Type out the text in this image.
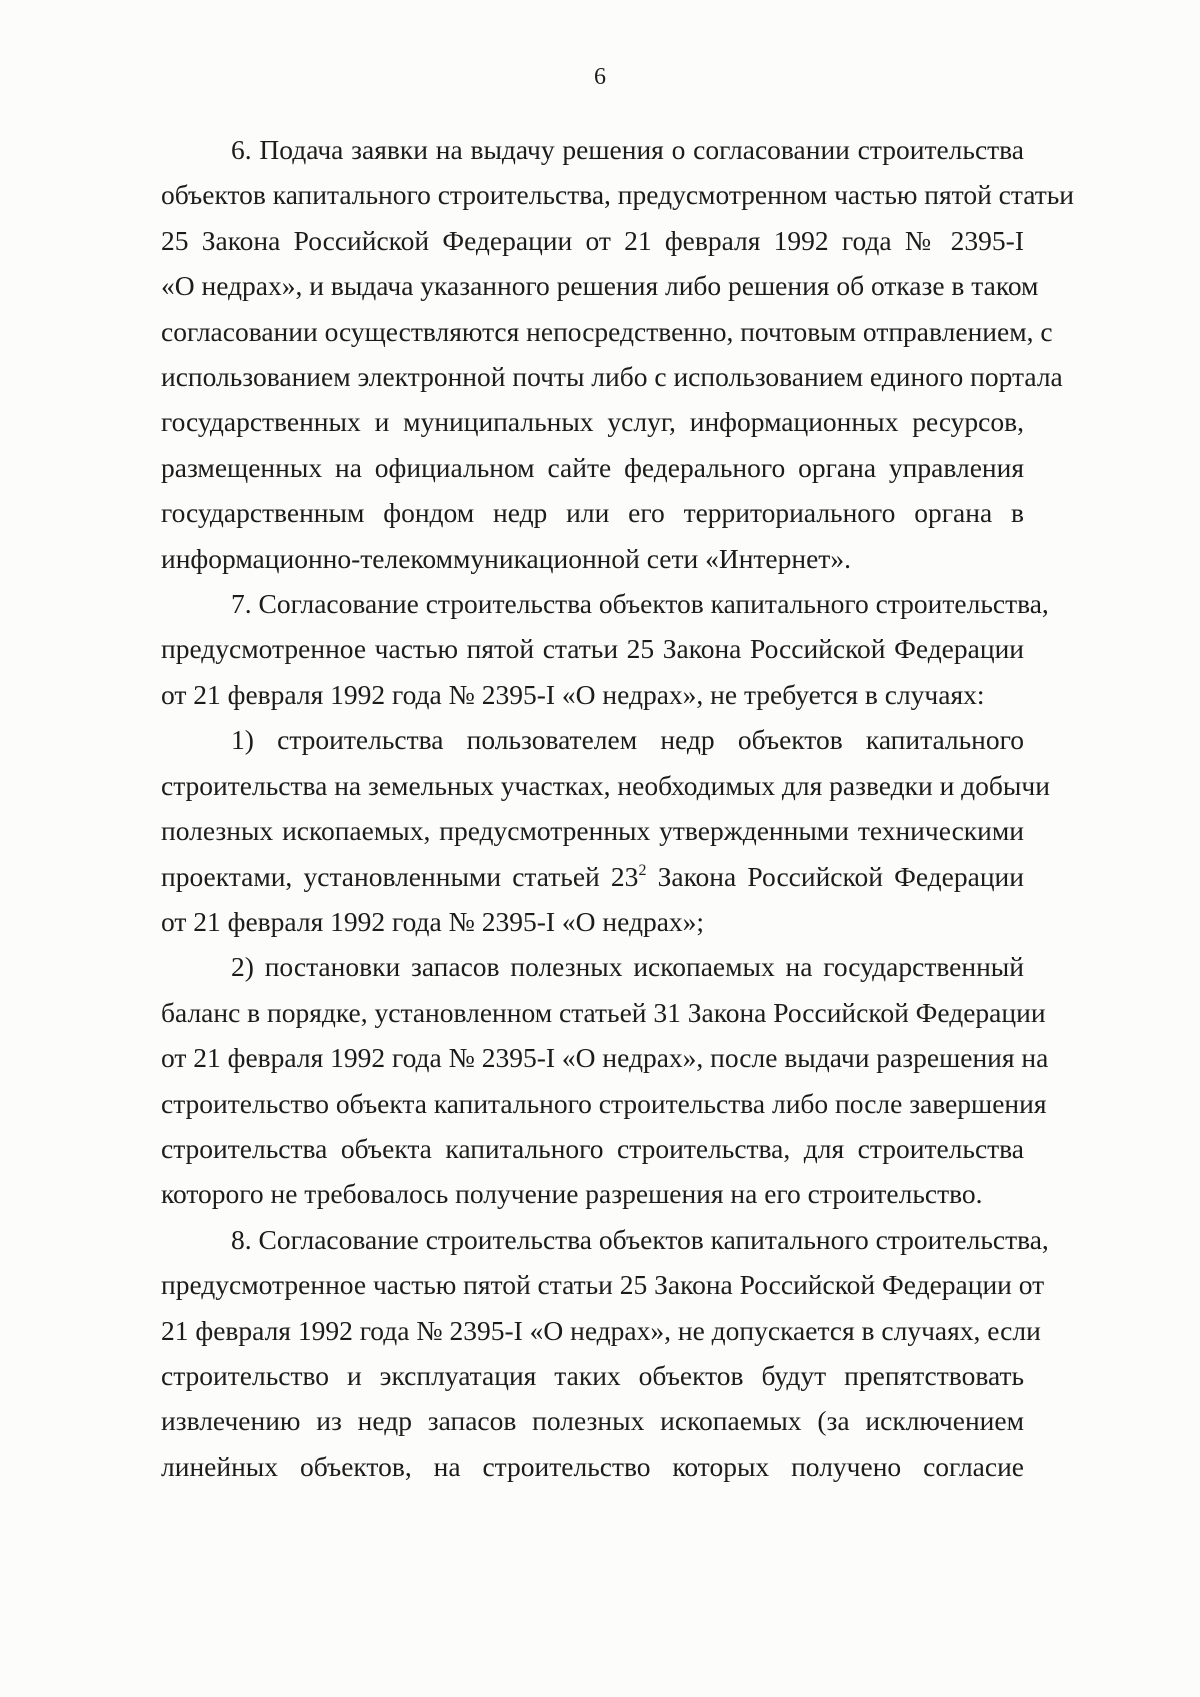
6
6. Подача заявки на выдачу решения о согласовании строительства
объектов капитального строительства, предусмотренном частью пятой статьи
25 Закона Российской Федерации от 21 февраля 1992 года № 2395-I
«О недрах», и выдача указанного решения либо решения об отказе в таком
согласовании осуществляются непосредственно, почтовым отправлением, с
использованием электронной почты либо с использованием единого портала
государственных и муниципальных услуг, информационных ресурсов,
размещенных на официальном сайте федерального органа управления
государственным фондом недр или его территориального органа в
информационно-телекоммуникационной сети «Интернет».
7. Согласование строительства объектов капитального строительства,
предусмотренное частью пятой статьи 25 Закона Российской Федерации
от 21 февраля 1992 года № 2395-I «О недрах», не требуется в случаях:
1) строительства пользователем недр объектов капитального
строительства на земельных участках, необходимых для разведки и добычи
полезных ископаемых, предусмотренных утвержденными техническими
проектами, установленными статьей $23^2$ Закона Российской Федерации
от 21 февраля 1992 года № 2395-I «О недрах»;
2) постановки запасов полезных ископаемых на государственный
баланс в порядке, установленном статьей 31 Закона Российской Федерации
от 21 февраля 1992 года № 2395-I «О недрах», после выдачи разрешения на
строительство объекта капитального строительства либо после завершения
строительства объекта капитального строительства, для строительства
которого не требовалось получение разрешения на его строительство.
8. Согласование строительства объектов капитального строительства,
предусмотренное частью пятой статьи 25 Закона Российской Федерации от
21 февраля 1992 года № 2395-I «О недрах», не допускается в случаях, если
строительство и эксплуатация таких объектов будут препятствовать
извлечению из недр запасов полезных ископаемых (за исключением
линейных объектов, на строительство которых получено согласие
